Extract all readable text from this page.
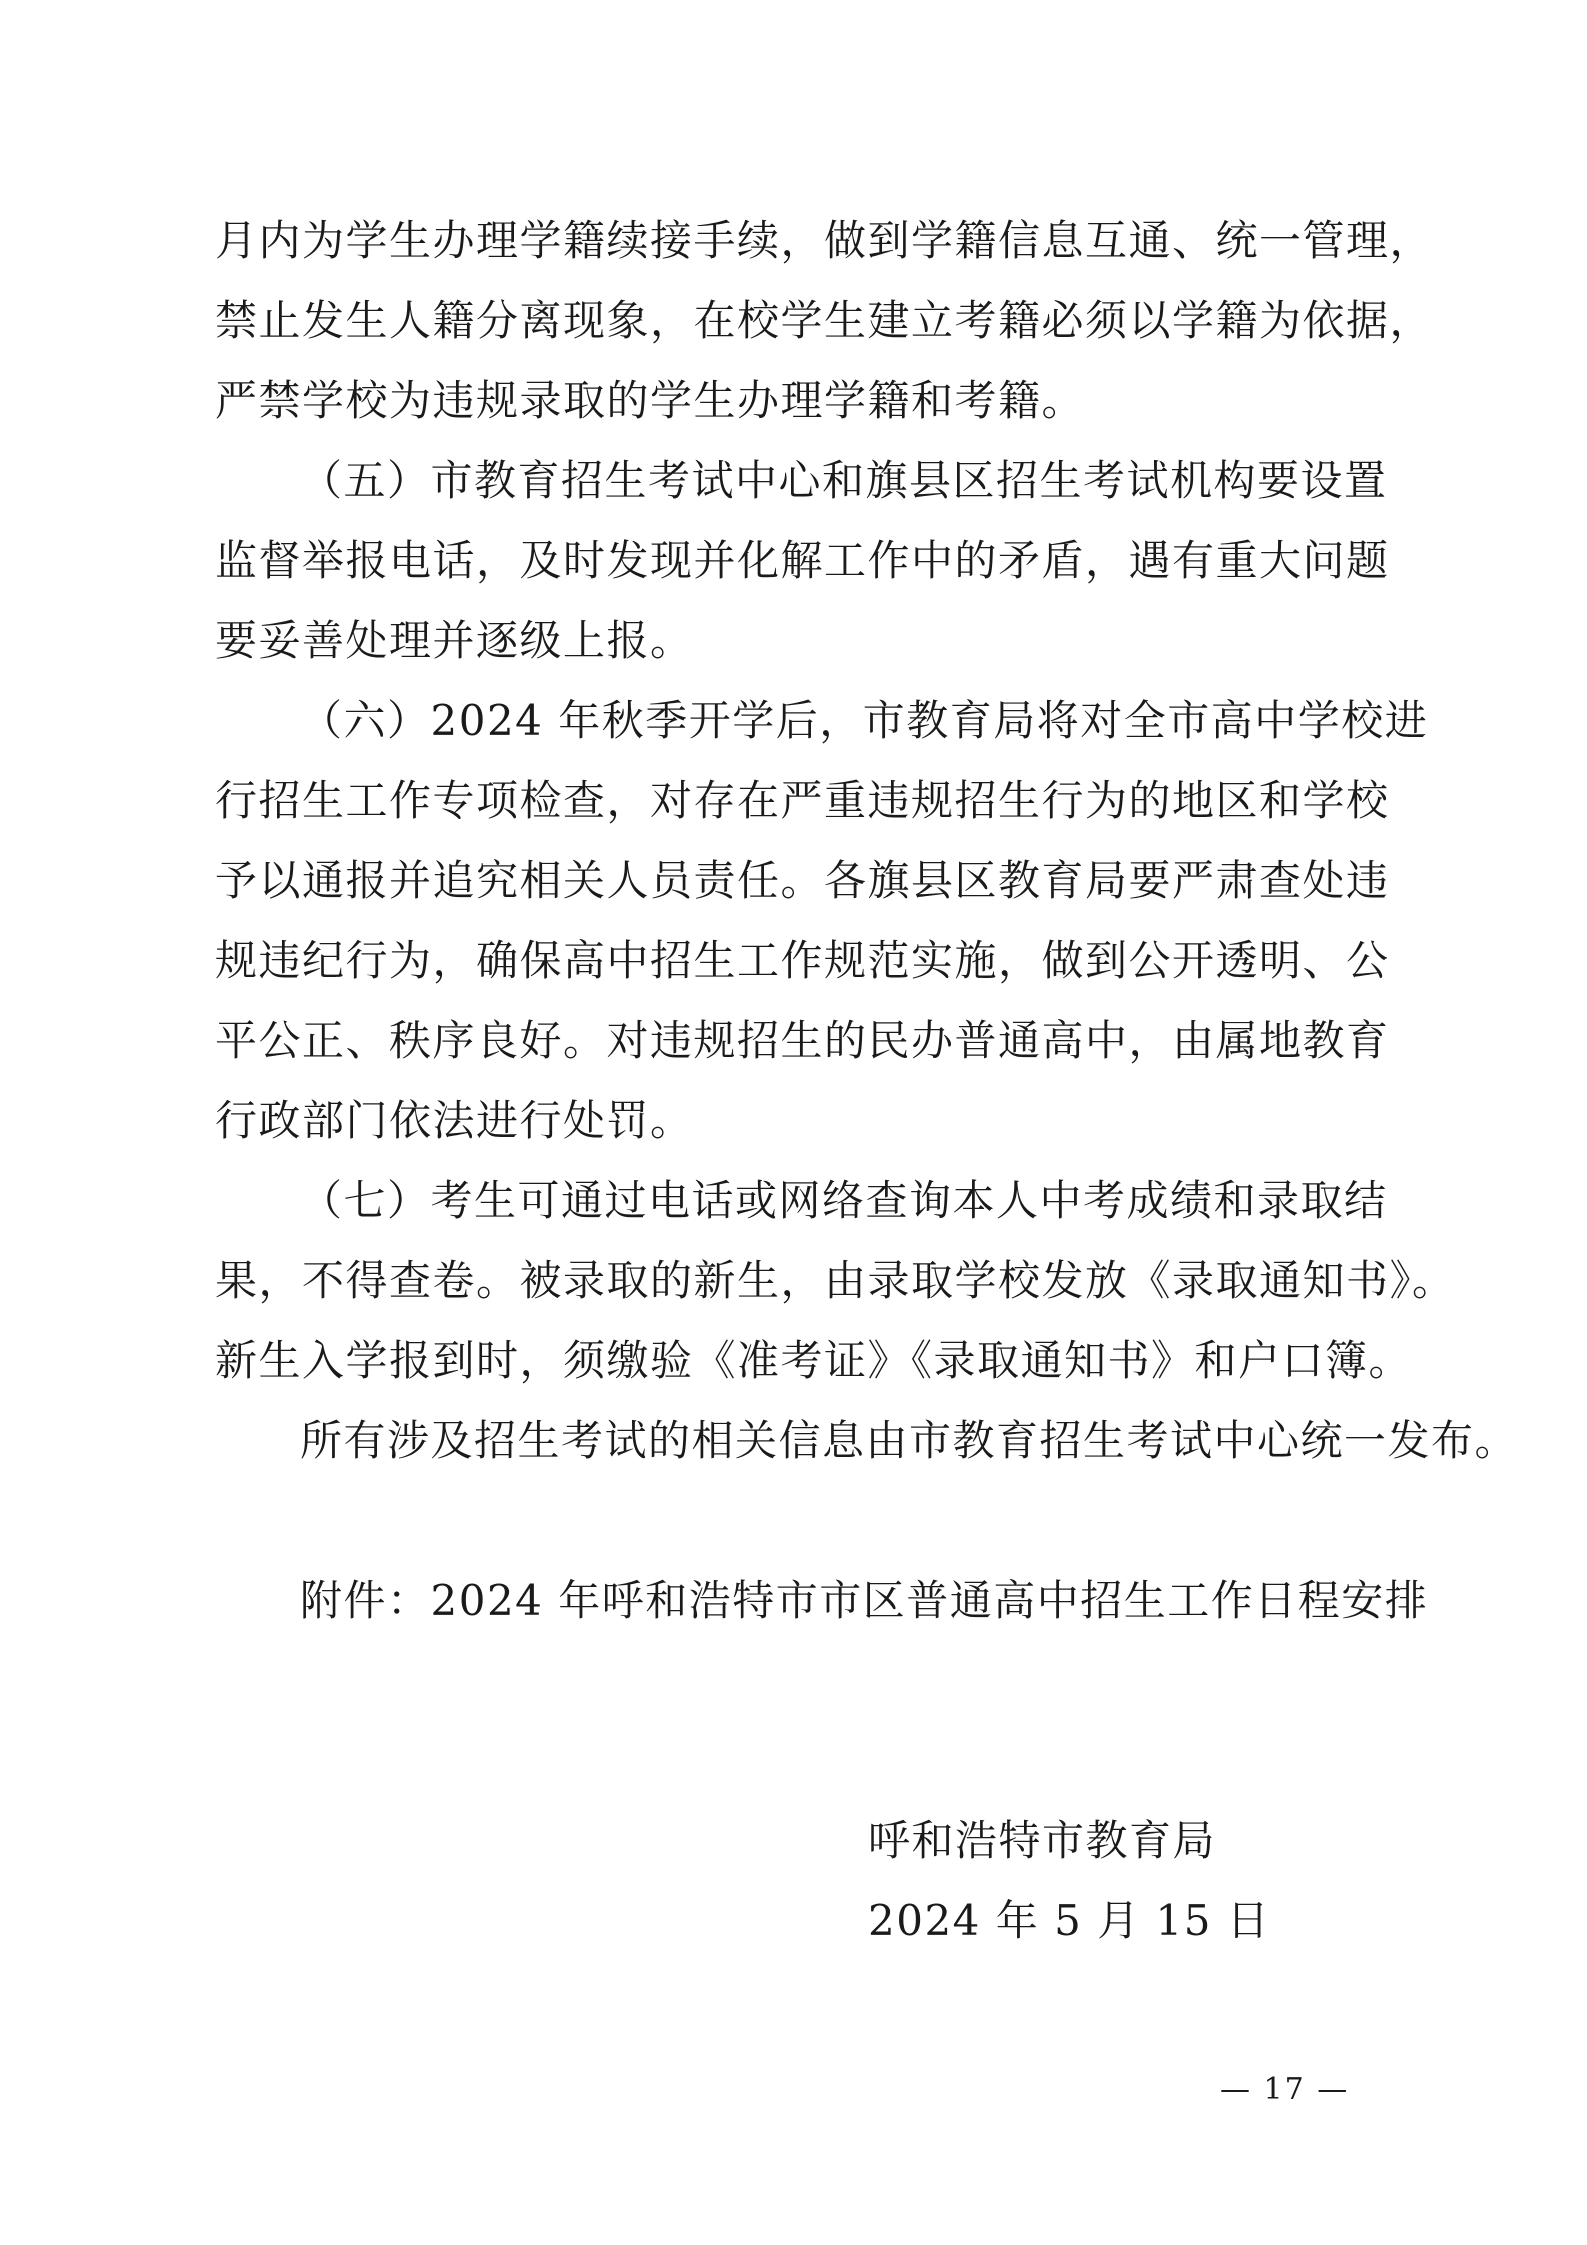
月内为学生办理学籍续接手续，做到学籍信息互通、统一管理，
禁止发生人籍分离现象，在校学生建立考籍必须以学籍为依据，
严禁学校为违规录取的学生办理学籍和考籍。
（五）市教育招生考试中心和旗县区招生考试机构要设置
监督举报电话，及时发现并化解工作中的矛盾，遇有重大问题
要妥善处理并逐级上报。
（六）2024 年秋季开学后，市教育局将对全市高中学校进
行招生工作专项检查，对存在严重违规招生行为的地区和学校
予以通报并追究相关人员责任。各旗县区教育局要严肃查处违
规违纪行为，确保高中招生工作规范实施，做到公开透明、公
平公正、秩序良好。对违规招生的民办普通高中，由属地教育
行政部门依法进行处罚。
（七）考生可通过电话或网络查询本人中考成绩和录取结
果，不得查卷。被录取的新生，由录取学校发放《录取通知书》。
新生入学报到时，须缴验《准考证》《录取通知书》和户口簿。
所有涉及招生考试的相关信息由市教育招生考试中心统一发布。
附件：2024 年呼和浩特市市区普通高中招生工作日程安排
呼和浩特市教育局
2024 年 5 月 15 日
— 17 —
